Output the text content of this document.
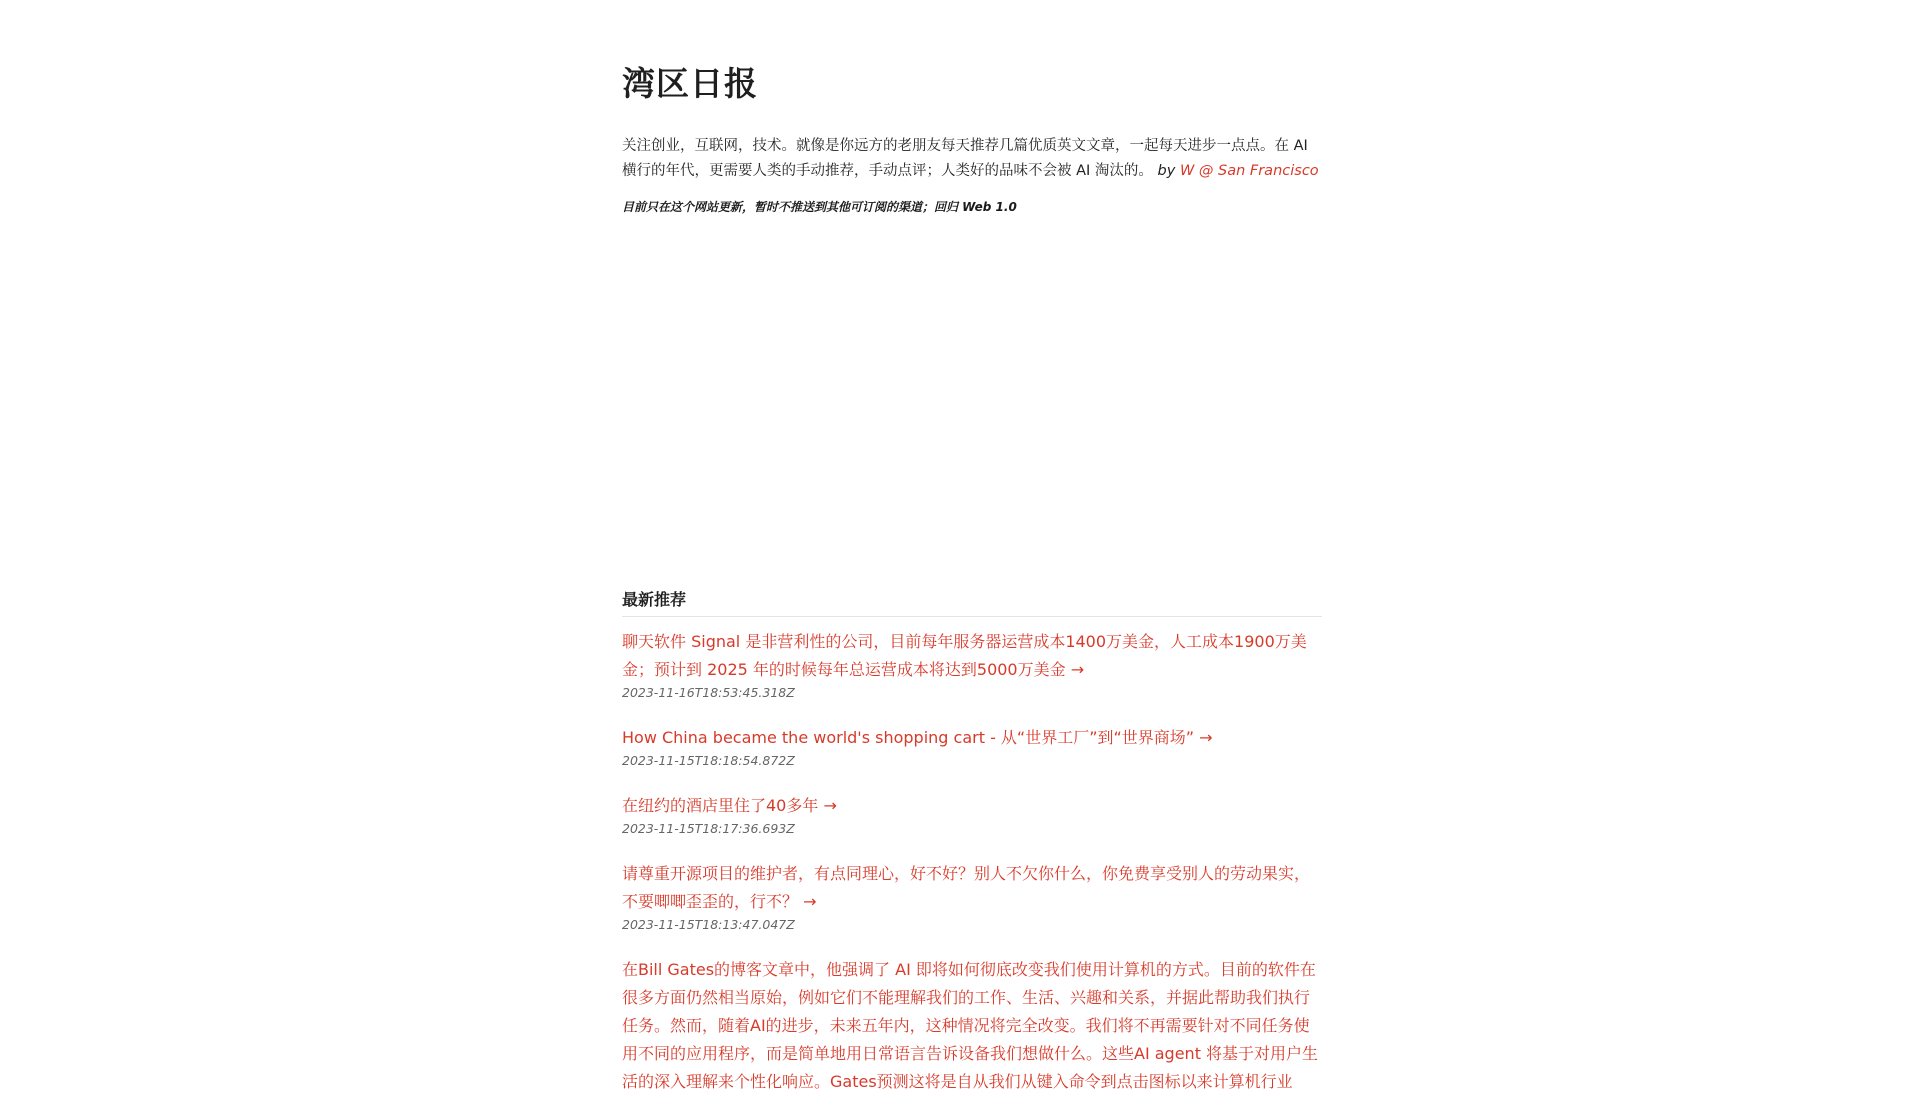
湾区日报

关注创业，互联网，技术。就像是你远方的老朋友每天推荐几篇优质英文文章，一起每天进步一点点。在 AI 横行的年代，更需要人类的手动推荐，手动点评；人类好的品味不会被 AI 淘汰的。 by W @ San Francisco

目前只在这个网站更新，暂时不推送到其他可订阅的渠道；回归 Web 1.0

最新推荐
聊天软件 Signal 是非营利性的公司，目前每年服务器运营成本1400万美金，人工成本1900万美金；预计到 2025 年的时候每年总运营成本将达到5000万美金 →
2023-11-16T18:53:45.318Z
How China became the world's shopping cart - 从“世界工厂”到“世界商场” →
2023-11-15T18:18:54.872Z
在纽约的酒店里住了40多年 →
2023-11-15T18:17:36.693Z
请尊重开源项目的维护者，有点同理心，好不好？别人不欠你什么，你免费享受别人的劳动果实，不要唧唧歪歪的，行不？ →
2023-11-15T18:13:47.047Z
在Bill Gates的博客文章中，他强调了 AI 即将如何彻底改变我们使用计算机的方式。目前的软件在很多方面仍然相当原始，例如它们不能理解我们的工作、生活、兴趣和关系，并据此帮助我们执行任务。然而，随着AI的进步，未来五年内，这种情况将完全改变。我们将不再需要针对不同任务使用不同的应用程序，而是简单地用日常语言告诉设备我们想做什么。这些AI agent 将基于对用户生活的深入理解来个性化响应。Gates预测这将是自从我们从键入命令到点击图标以来计算机行业
